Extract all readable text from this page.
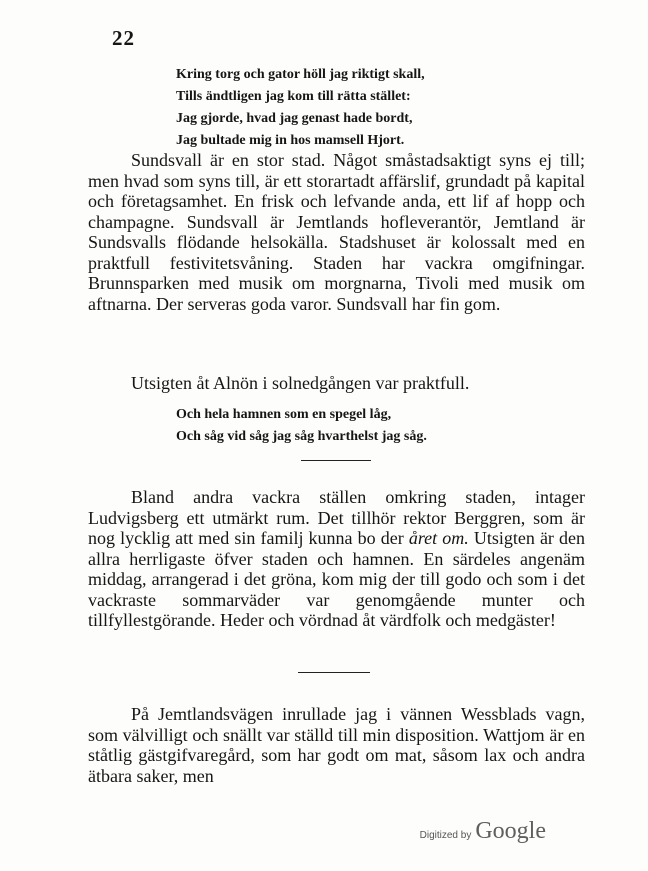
22
Kring torg och gator höll jag riktigt skall,
Tills ändtligen jag kom till rätta stället:
Jag gjorde, hvad jag genast hade bordt,
Jag bultade mig in hos mamsell Hjort.

Sundsvall är en stor stad. Något småstadsaktigt syns ej till; men hvad som syns till, är ett storartadt affärslif, grundadt på kapital och företagsamhet. En frisk och lefvande anda, ett lif af hopp och champagne. Sundsvall är Jemtlands hofleverantör, Jemtland är Sundsvalls flödande helsokälla. Stadshuset är kolossalt med en praktfull festivitetsvåning. Staden har vackra omgifningar. Brunnsparken med musik om morgnarna, Tivoli med musik om aftnarna. Der serveras goda varor. Sundsvall har fin gom.

Utsigten åt Alnön i solnedgången var praktfull.

Och hela hamnen som en spegel låg,
Och såg vid såg jag såg hvarthelst jag såg.

Bland andra vackra ställen omkring staden, intager Ludvigsberg ett utmärkt rum. Det tillhör rektor Berggren, som är nog lycklig att med sin familj kunna bo der året om. Utsigten är den allra herrligaste öfver staden och hamnen. En särdeles angenäm middag, arrangerad i det gröna, kom mig der till godo och som i det vackraste sommarväder var genomgående munter och tillfyllestgörande. Heder och vördnad åt värdfolk och medgäster!

På Jemtlandsvägen inrullade jag i vännen Wessblads vagn, som välvilligt och snällt var ställd till min disposition. Wattjom är en ståtlig gästgifvaregård, som har godt om mat, såsom lax och andra ätbara saker, men

Digitized by Google
